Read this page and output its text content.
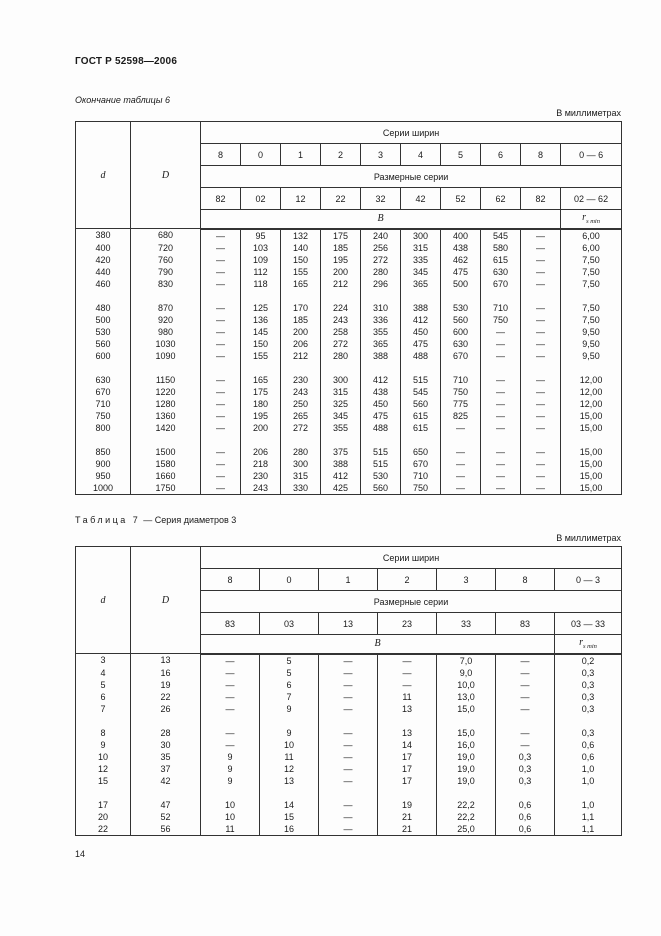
ГОСТ Р 52598—2006
Окончание таблицы 6
В миллиметрах
d	D	Серии ширин									
		8	0	1	2	3	4	5	6	8	0 — 6
		Размерные серии									
		82	02	12	22	32	42	52	62	82	02 — 62
		В									$r_{s min}$
380	680	—	95	132	175	240	300	400	545	—	6,00
400	720	—	103	140	185	256	315	438	580	—	6,00
420	760	—	109	150	195	272	335	462	615	—	7,50
440	790	—	112	155	200	280	345	475	630	—	7,50
460	830	—	118	165	212	296	365	500	670	—	7,50

480	870	—	125	170	224	310	388	530	710	—	7,50
500	920	—	136	185	243	336	412	560	750	—	7,50
530	980	—	145	200	258	355	450	600	—	—	9,50
560	1030	—	150	206	272	365	475	630	—	—	9,50
600	1090	—	155	212	280	388	488	670	—	—	9,50

630	1150	—	165	230	300	412	515	710	—	—	12,00
670	1220	—	175	243	315	438	545	750	—	—	12,00
710	1280	—	180	250	325	450	560	775	—	—	12,00
750	1360	—	195	265	345	475	615	825	—	—	15,00
800	1420	—	200	272	355	488	615	—	—	—	15,00

850	1500	—	206	280	375	515	650	—	—	—	15,00
900	1580	—	218	300	388	515	670	—	—	—	15,00
950	1660	—	230	315	412	530	710	—	—	—	15,00
1000	1750	—	243	330	425	560	750	—	—	—	15,00
Таблица 7 — Серия диаметров 3
В миллиметрах
d	D	Серии ширин						
		8	0	1	2	3	8	0 — 3
		Размерные серии						
		83	03	13	23	33	83	03 — 33
		В						$r_{s min}$
3	13	—	5	—	—	7,0	—	0,2
4	16	—	5	—	—	9,0	—	0,3
5	19	—	6	—	—	10,0	—	0,3
6	22	—	7	—	11	13,0	—	0,3
7	26	—	9	—	13	15,0	—	0,3

8	28	—	9	—	13	15,0	—	0,3
9	30	—	10	—	14	16,0	—	0,6
10	35	9	11	—	17	19,0	0,3	0,6
12	37	9	12	—	17	19,0	0,3	1,0
15	42	9	13	—	17	19,0	0,3	1,0

17	47	10	14	—	19	22,2	0,6	1,0
20	52	10	15	—	21	22,2	0,6	1,1
22	56	11	16	—	21	25,0	0,6	1,1
14
